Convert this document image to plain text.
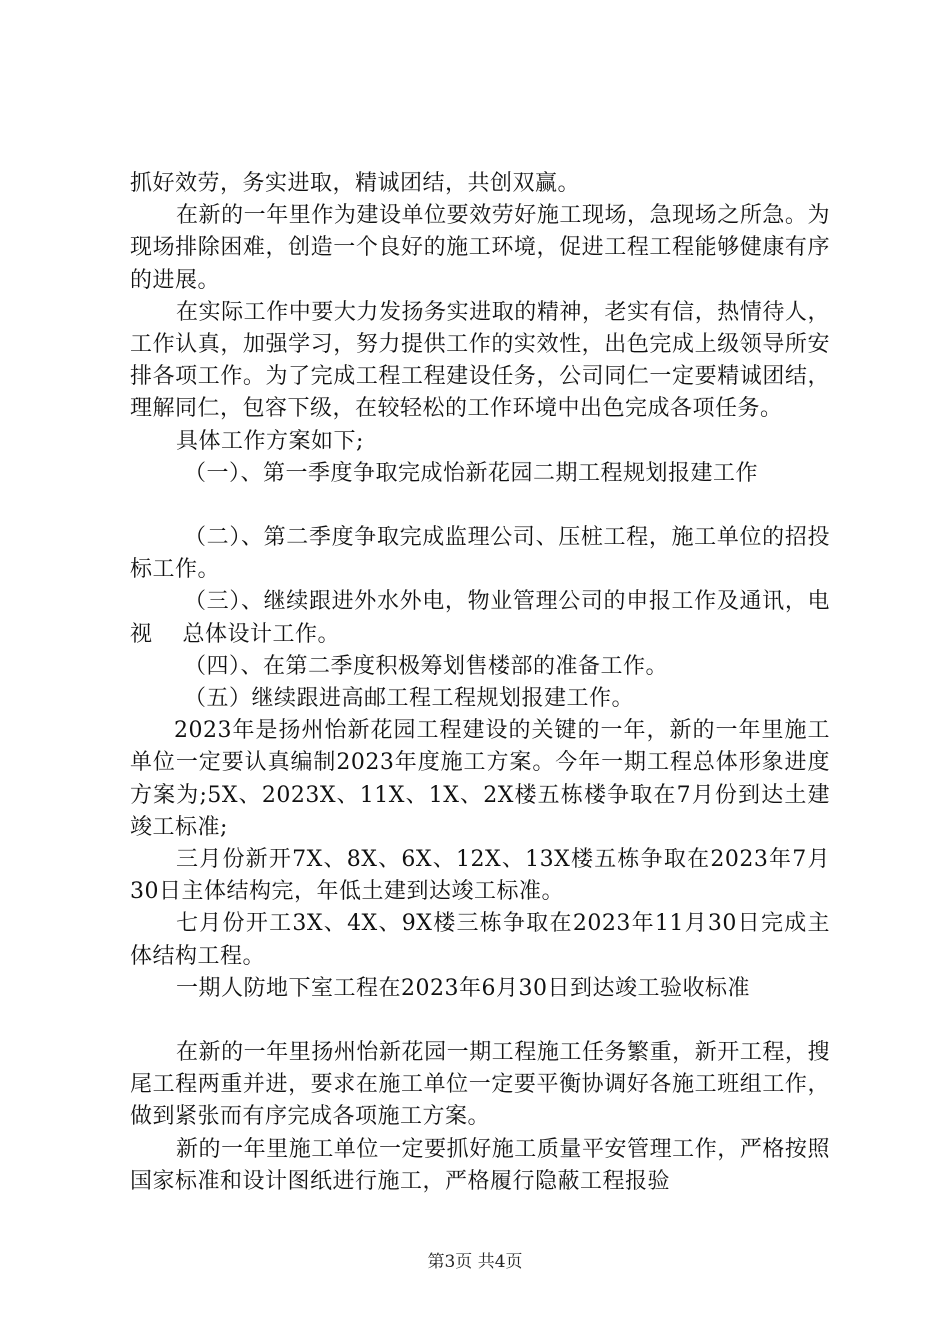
抓好效劳，务实进取，精诚团结，共创双赢。

在新的一年里作为建设单位要效劳好施工现场，急现场之所急。为现场排除困难，创造一个良好的施工环境，促进工程工程能够健康有序的进展。

在实际工作中要大力发扬务实进取的精神，老实有信，热情待人，工作认真，加强学习，努力提供工作的实效性，出色完成上级领导所安排各项工作。为了完成工程工程建设任务，公司同仁一定要精诚团结，理解同仁，包容下级，在较轻松的工作环境中出色完成各项任务。

具体工作方案如下;

（一）、第一季度争取完成怡新花园二期工程规划报建工作

（二）、第二季度争取完成监理公司、压桩工程，施工单位的招投标工作。

（三）、继续跟进外水外电，物业管理公司的申报工作及通讯，电视　 总体设计工作。

（四）、在第二季度积极筹划售楼部的准备工作。

（五）继续跟进高邮工程工程规划报建工作。

2023年是扬州怡新花园工程建设的关键的一年，新的一年里施工单位一定要认真编制2023年度施工方案。今年一期工程总体形象进度方案为;5X、2023X、11X、1X、2X楼五栋楼争取在7月份到达土建竣工标准;

三月份新开7X、8X、6X、12X、13X楼五栋争取在2023年7月30日主体结构完，年低土建到达竣工标准。

七月份开工3X、4X、9X楼三栋争取在2023年11月30日完成主体结构工程。

一期人防地下室工程在2023年6月30日到达竣工验收标准

在新的一年里扬州怡新花园一期工程施工任务繁重，新开工程，搜尾工程两重并进，要求在施工单位一定要平衡协调好各施工班组工作，做到紧张而有序完成各项施工方案。

新的一年里施工单位一定要抓好施工质量平安管理工作，严格按照国家标准和设计图纸进行施工，严格履行隐蔽工程报验

第3页 共4页
